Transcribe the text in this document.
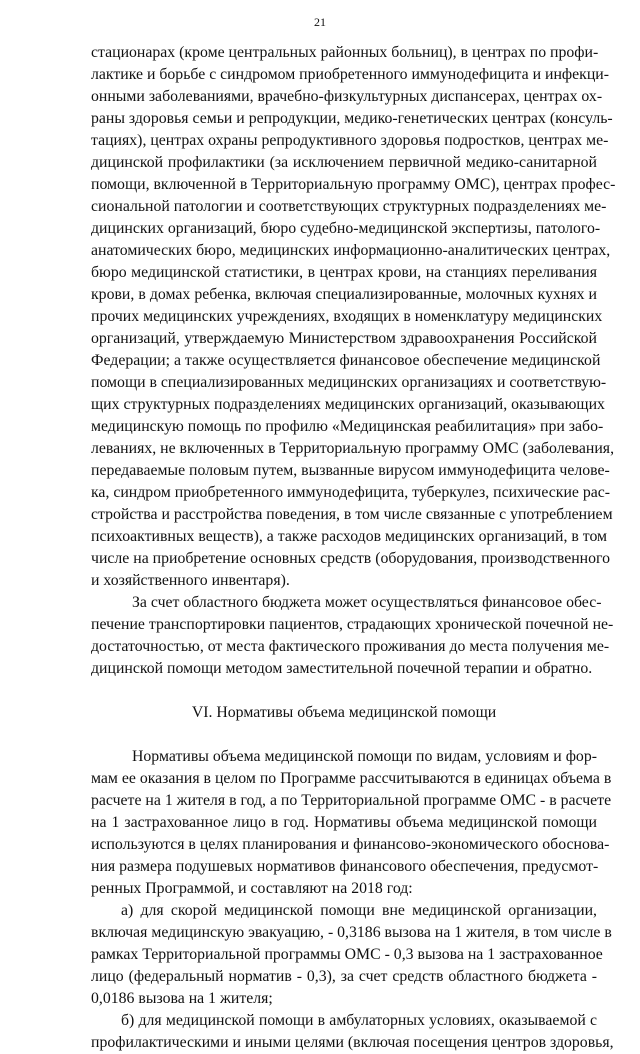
21
стационарах (кроме центральных районных больниц), в центрах по профи-
лактике и борьбе с синдромом приобретенного иммунодефицита и инфекци-
онными заболеваниями, врачебно-физкультурных диспансерах, центрах ох-
раны здоровья семьи и репродукции, медико-генетических центрах (консуль-
тациях), центрах охраны репродуктивного здоровья подростков, центрах ме-
дицинской профилактики (за исключением первичной медико-санитарной
помощи, включенной в Территориальную программу ОМС), центрах профес-
сиональной патологии и соответствующих структурных подразделениях ме-
дицинских организаций, бюро судебно-медицинской экспертизы, патолого-
анатомических бюро, медицинских информационно-аналитических центрах,
бюро медицинской статистики, в центрах крови, на станциях переливания
крови, в домах ребенка, включая специализированные, молочных кухнях и
прочих медицинских учреждениях, входящих в номенклатуру медицинских
организаций, утверждаемую Министерством здравоохранения Российской
Федерации; а также осуществляется финансовое обеспечение медицинской
помощи в специализированных медицинских организациях и соответствую-
щих структурных подразделениях медицинских организаций, оказывающих
медицинскую помощь по профилю «Медицинская реабилитация» при забо-
леваниях, не включенных в Территориальную программу ОМС (заболевания,
передаваемые половым путем, вызванные вирусом иммунодефицита челове-
ка, синдром приобретенного иммунодефицита, туберкулез, психические рас-
стройства и расстройства поведения, в том числе связанные с употреблением
психоактивных веществ), а также расходов медицинских организаций, в том
числе на приобретение основных средств (оборудования, производственного
и хозяйственного инвентаря).
За счет областного бюджета может осуществляться финансовое обес-
печение транспортировки пациентов, страдающих хронической почечной не-
достаточностью, от места фактического проживания до места получения ме-
дицинской помощи методом заместительной почечной терапии и обратно.
VI. Нормативы объема медицинской помощи
Нормативы объема медицинской помощи по видам, условиям и фор-
мам ее оказания в целом по Программе рассчитываются в единицах объема в
расчете на 1 жителя в год, а по Территориальной программе ОМС - в расчете
на 1 застрахованное лицо в год. Нормативы объема медицинской помощи
используются в целях планирования и финансово-экономического обоснова-
ния размера подушевых нормативов финансового обеспечения, предусмот-
ренных Программой, и составляют на 2018 год:
а) для скорой медицинской помощи вне медицинской организации,
включая медицинскую эвакуацию, - 0,3186 вызова на 1 жителя, в том числе в
рамках Территориальной программы ОМС - 0,3 вызова на 1 застрахованное
лицо (федеральный норматив - 0,3), за счет средств областного бюджета -
0,0186 вызова на 1 жителя;
б) для медицинской помощи в амбулаторных условиях, оказываемой с
профилактическими и иными целями (включая посещения центров здоровья,
